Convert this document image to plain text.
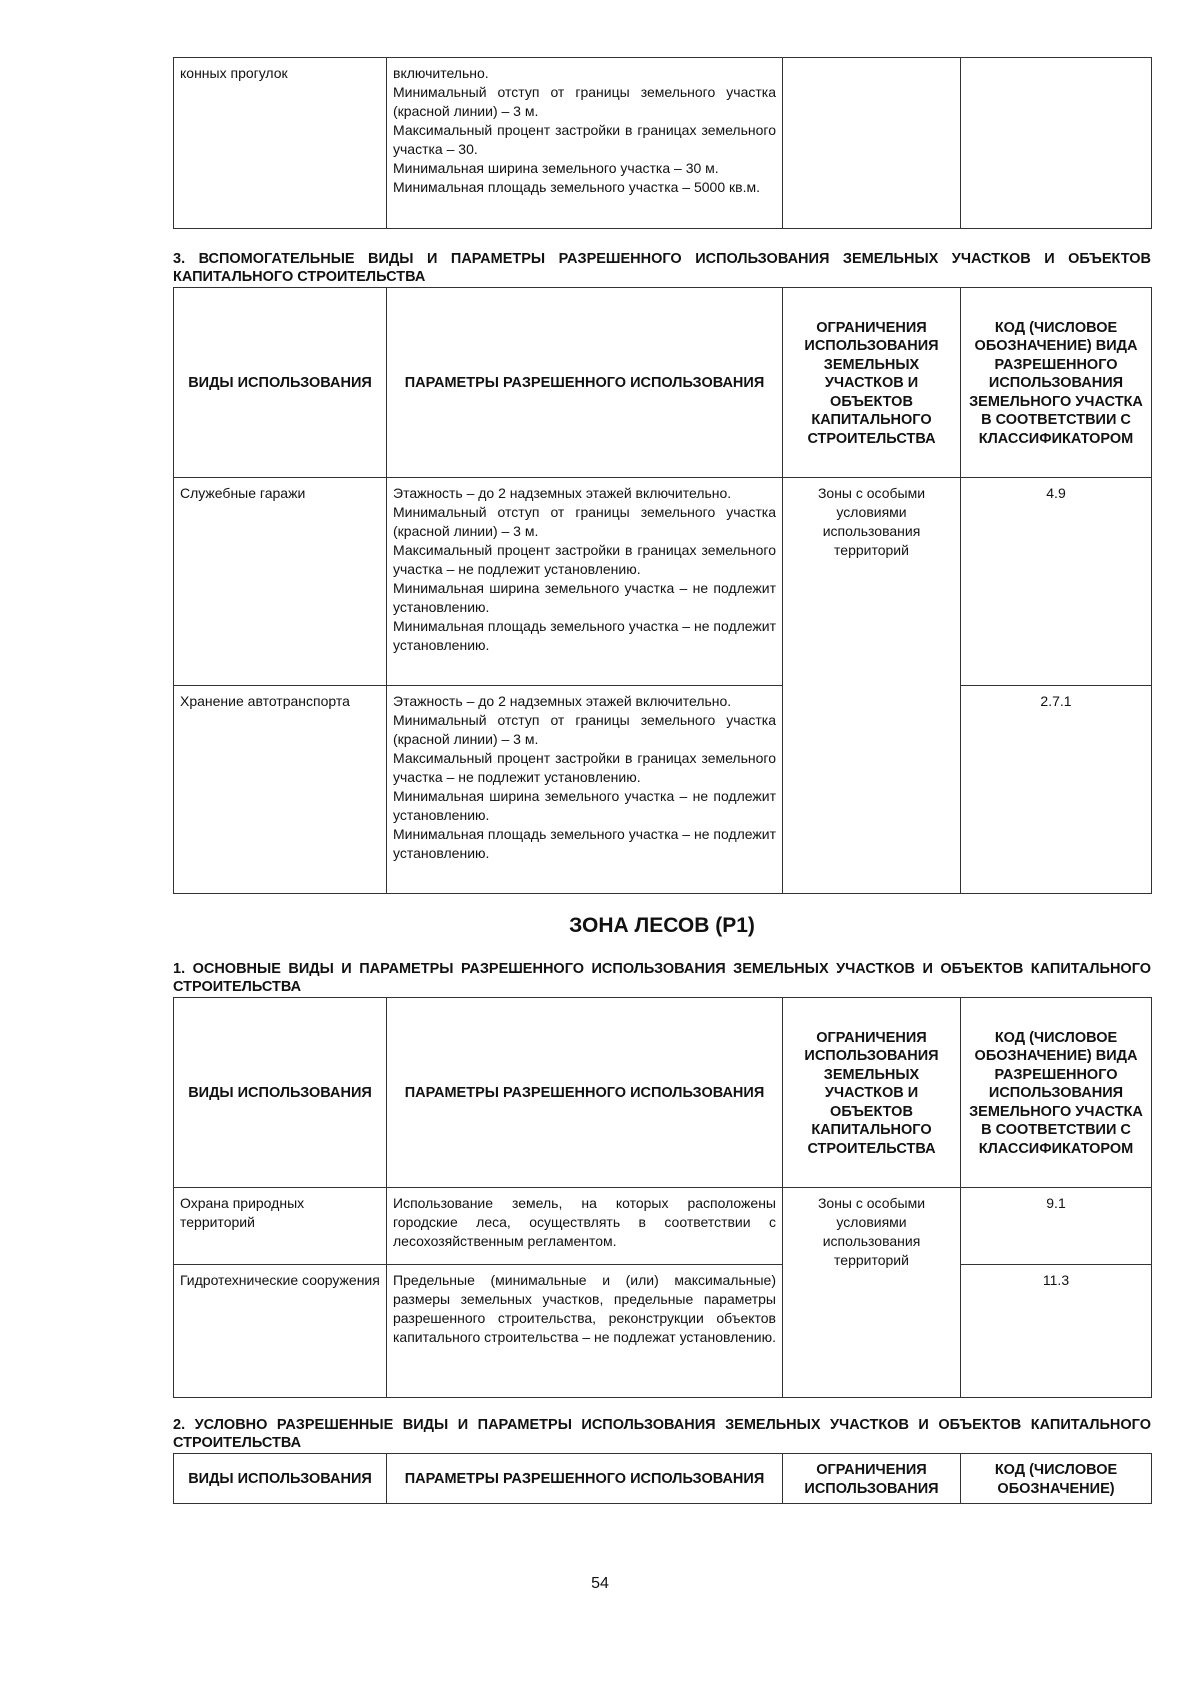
конных прогулок	включительно.

Минимальный отступ от границы земельного участка (красной линии) – 3 м.

Максимальный процент застройки в границах земельного участка – 30.

Минимальная ширина земельного участка – 30 м.

Минимальная площадь земельного участка – 5000 кв.м.

3. ВСПОМОГАТЕЛЬНЫЕ ВИДЫ И ПАРАМЕТРЫ РАЗРЕШЕННОГО ИСПОЛЬЗОВАНИЯ ЗЕМЕЛЬНЫХ УЧАСТКОВ И ОБЪЕКТОВ КАПИТАЛЬНОГО СТРОИТЕЛЬСТВА

ВИДЫ ИСПОЛЬЗОВАНИЯ	ПАРАМЕТРЫ РАЗРЕШЕННОГО ИСПОЛЬЗОВАНИЯ	ОГРАНИЧЕНИЯ ИСПОЛЬЗОВАНИЯ ЗЕМЕЛЬНЫХ УЧАСТКОВ И ОБЪЕКТОВ КАПИТАЛЬНОГО СТРОИТЕЛЬСТВА	КОД (ЧИСЛОВОЕ ОБОЗНАЧЕНИЕ) ВИДА РАЗРЕШЕННОГО ИСПОЛЬЗОВАНИЯ ЗЕМЕЛЬНОГО УЧАСТКА В СООТВЕТСТВИИ С КЛАССИФИКАТОРОМ
Служебные гаражи	Этажность – до 2 надземных этажей включительно.

Минимальный отступ от границы земельного участка (красной линии) – 3 м.

Максимальный процент застройки в границах земельного участка – не подлежит установлению.

Минимальная ширина земельного участка – не подлежит установлению.

Минимальная площадь земельного участка – не подлежит установлению.	Зоны с особыми условиями использования территорий	4.9
Хранение автотранспорта	Этажность – до 2 надземных этажей включительно.

Минимальный отступ от границы земельного участка (красной линии) – 3 м.

Максимальный процент застройки в границах земельного участка – не подлежит установлению.

Минимальная ширина земельного участка – не подлежит установлению.

Минимальная площадь земельного участка – не подлежит установлению.		2.7.1

ЗОНА ЛЕСОВ (Р1)

1. ОСНОВНЫЕ ВИДЫ И ПАРАМЕТРЫ РАЗРЕШЕННОГО ИСПОЛЬЗОВАНИЯ ЗЕМЕЛЬНЫХ УЧАСТКОВ И ОБЪЕКТОВ КАПИТАЛЬНОГО СТРОИТЕЛЬСТВА

ВИДЫ ИСПОЛЬЗОВАНИЯ	ПАРАМЕТРЫ РАЗРЕШЕННОГО ИСПОЛЬЗОВАНИЯ	ОГРАНИЧЕНИЯ ИСПОЛЬЗОВАНИЯ ЗЕМЕЛЬНЫХ УЧАСТКОВ И ОБЪЕКТОВ КАПИТАЛЬНОГО СТРОИТЕЛЬСТВА	КОД (ЧИСЛОВОЕ ОБОЗНАЧЕНИЕ) ВИДА РАЗРЕШЕННОГО ИСПОЛЬЗОВАНИЯ ЗЕМЕЛЬНОГО УЧАСТКА В СООТВЕТСТВИИ С КЛАССИФИКАТОРОМ
Охрана природных территорий	Использование земель, на которых расположены городские леса, осуществлять в соответствии с лесохозяйственным регламентом.	Зоны с особыми условиями использования территорий	9.1
Гидротехнические сооружения	Предельные (минимальные и (или) максимальные) размеры земельных участков, предельные параметры разрешенного строительства, реконструкции объектов капитального строительства – не подлежат установлению.		11.3

2. УСЛОВНО РАЗРЕШЕННЫЕ ВИДЫ И ПАРАМЕТРЫ ИСПОЛЬЗОВАНИЯ ЗЕМЕЛЬНЫХ УЧАСТКОВ И ОБЪЕКТОВ КАПИТАЛЬНОГО СТРОИТЕЛЬСТВА

ВИДЫ ИСПОЛЬЗОВАНИЯ	ПАРАМЕТРЫ РАЗРЕШЕННОГО ИСПОЛЬЗОВАНИЯ	ОГРАНИЧЕНИЯ ИСПОЛЬЗОВАНИЯ	КОД (ЧИСЛОВОЕ ОБОЗНАЧЕНИЕ)
54
